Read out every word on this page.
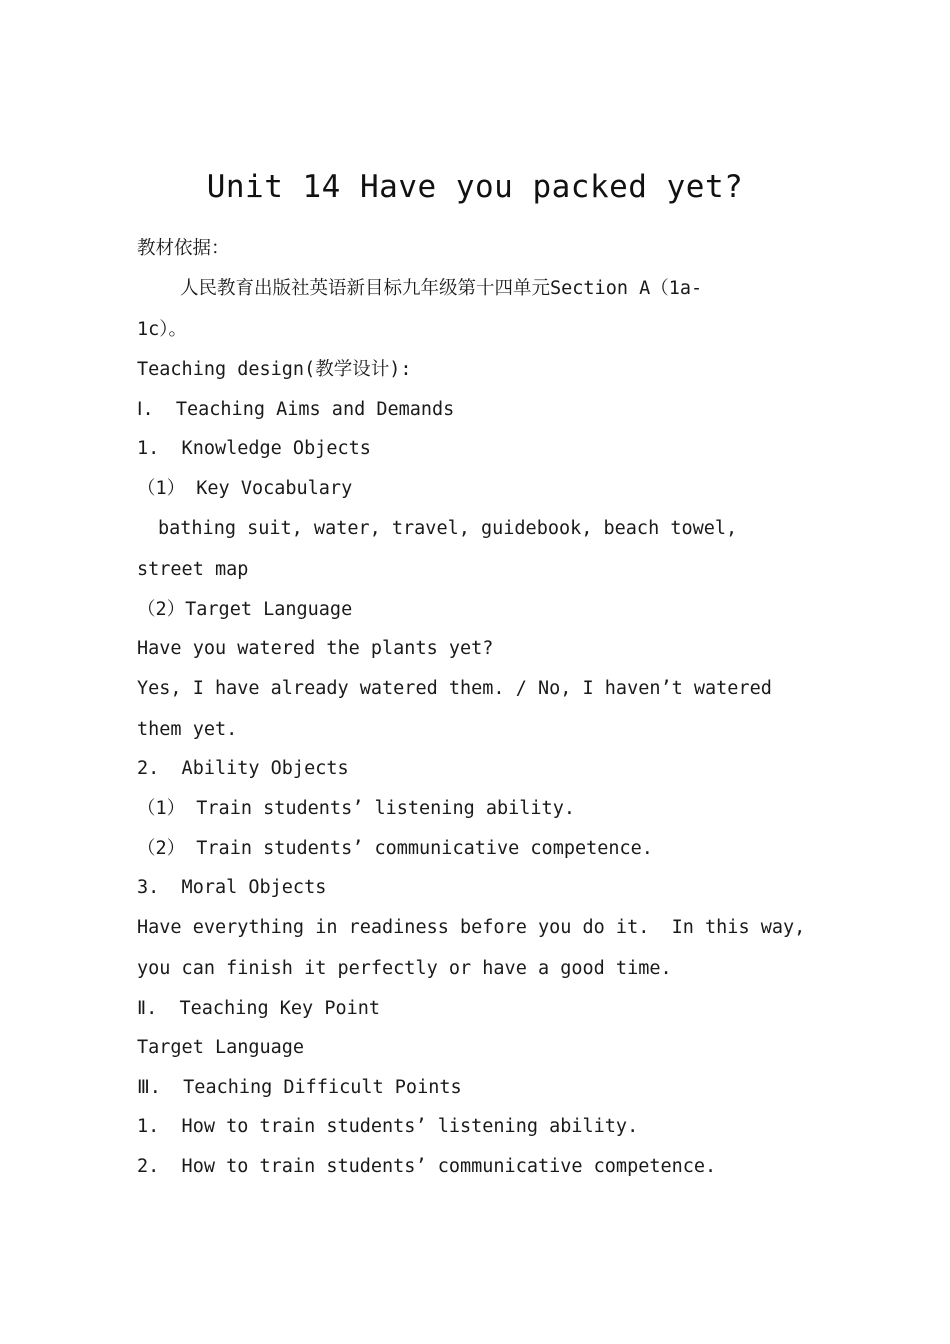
Unit 14 Have you packed yet?
教材依据：
人民教育出版社英语新目标九年级第十四单元Section A（1a-
1c）。
Teaching design(教学设计):
Ⅰ.  Teaching Aims and Demands
1.  Knowledge Objects
（1） Key Vocabulary
bathing suit, water, travel, guidebook, beach towel,
street map
（2）Target Language
Have you watered the plants yet?
Yes, I have already watered them. / No, I haven’t watered
them yet.
2.  Ability Objects
（1） Train students’ listening ability.
（2） Train students’ communicative competence.
3.  Moral Objects
Have everything in readiness before you do it.  In this way,
you can finish it perfectly or have a good time.
Ⅱ.  Teaching Key Point
Target Language
Ⅲ.  Teaching Difficult Points
1.  How to train students’ listening ability.
2.  How to train students’ communicative competence.
